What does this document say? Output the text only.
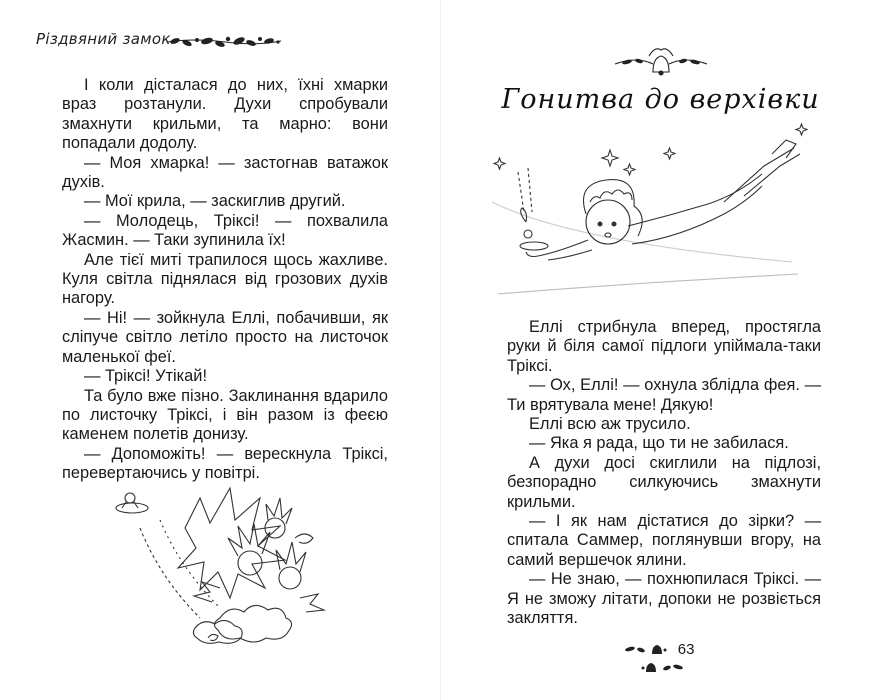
Різдвяний замок

І коли дісталася до них, їхні хмарки враз розтанули. Духи спробували змахнути крильми, та марно: вони попадали додолу.

— Моя хмарка! — застогнав ватажок духів.

— Мої крила, — заскиглив другий.

— Молодець, Тріксі! — похвалила Жасмин. — Таки зупинила їх!

Але тієї миті трапилося щось жахливе. Куля світла піднялася від грозових духів нагору.

— Ні! — зойкнула Еллі, побачивши, як сліпуче світло летіло просто на листочок маленької феї.

— Тріксі! Утікай!

Та було вже пізно. Заклинання вдарило по листочку Тріксі, і він разом із феєю каменем полетів донизу.

— Допоможіть! — верескнула Тріксі, перевертаючись у повітрі.

Гонитва до верхівки

Еллі стрибнула вперед, простягла руки й біля самої підлоги упіймала-таки Тріксі.

— Ох, Еллі! — охнула зблідла фея. — Ти врятувала мене! Дякую!

Еллі всю аж трусило.

— Яка я рада, що ти не забилася.

А духи досі скиглили на підлозі, безпорадно силкуючись змахнути крильми.

— І як нам дістатися до зірки? — спитала Саммер, поглянувши вгору, на самий вершечок ялини.

— Не знаю, — похнюпилася Тріксі. — Я не зможу літати, допоки не розвіється закляття.

63
